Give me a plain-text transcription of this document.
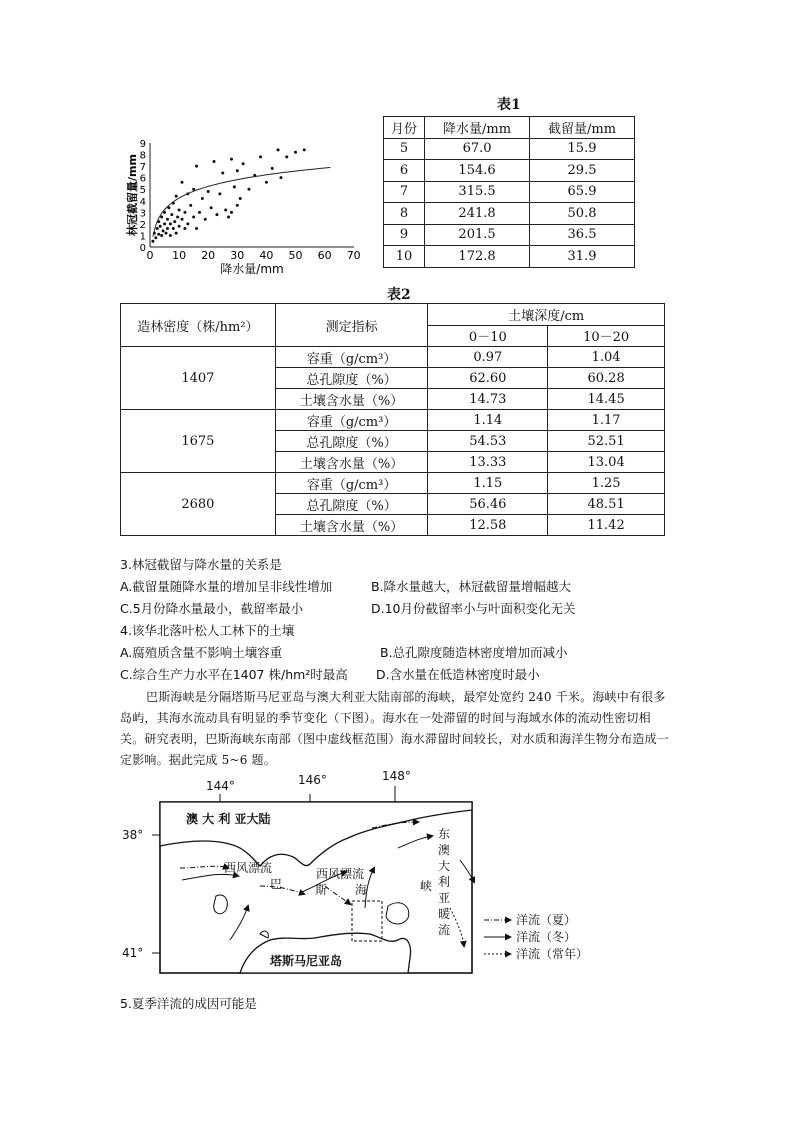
0 10 20 30 40 50 60 70
0
1
2
3
4
5
6
7
8
9
降水量/mm
林冠截留量/mm
表1
月份	降水量/mm	截留量/mm
5	67.0	15.9
6	154.6	29.5
7	315.5	65.9
8	241.8	50.8
9	201.5	36.5
10	172.8	31.9
表2
造林密度（株/hm²）	测定指标	土壤深度/cm	
		0－10	10－20
1407	容重（g/cm³）	0.97	1.04
	总孔隙度（%）	62.60	60.28
	土壤含水量（%）	14.73	14.45
1675	容重（g/cm³）	1.14	1.17
	总孔隙度（%）	54.53	52.51
	土壤含水量（%）	13.33	13.04
2680	容重（g/cm³）	1.15	1.25
	总孔隙度（%）	56.46	48.51
	土壤含水量（%）	12.58	11.42
3.林冠截留与降水量的关系是
A.截留量随降水量的增加呈非线性增加	B.降水量越大，林冠截留量增幅越大
C.5月份降水量最小，截留率最小	D.10月份截留率小与叶面积变化无关
4.该华北落叶松人工林下的土壤
A.腐殖质含量不影响土壤容重	B.总孔隙度随造林密度增加而减小
C.综合生产力水平在1407 株/hm²时最高 D.含水量在低造林密度时最小
巴斯海峡是分隔塔斯马尼亚岛与澳大利亚大陆南部的海峡，最窄处宽约 240 千米。海峡中有很多岛屿，其海水流动具有明显的季节变化（下图）。海水在一处滞留的时间与海域水体的流动性密切相关。研究表明，巴斯海峡东南部（图中虚线框范围）海水滞留时间较长，对水质和海洋生物分布造成一定影响。据此完成 5~6 题。
144°	146°	148°
38°
41°
澳 大 利 亚大陆
西风漂流	西风漂流
巴	斯 海	峡
东
澳
大
利
亚
暖
流
塔斯马尼亚岛
洋流（夏）
洋流（冬）
洋流（常年）
5.夏季洋流的成因可能是
